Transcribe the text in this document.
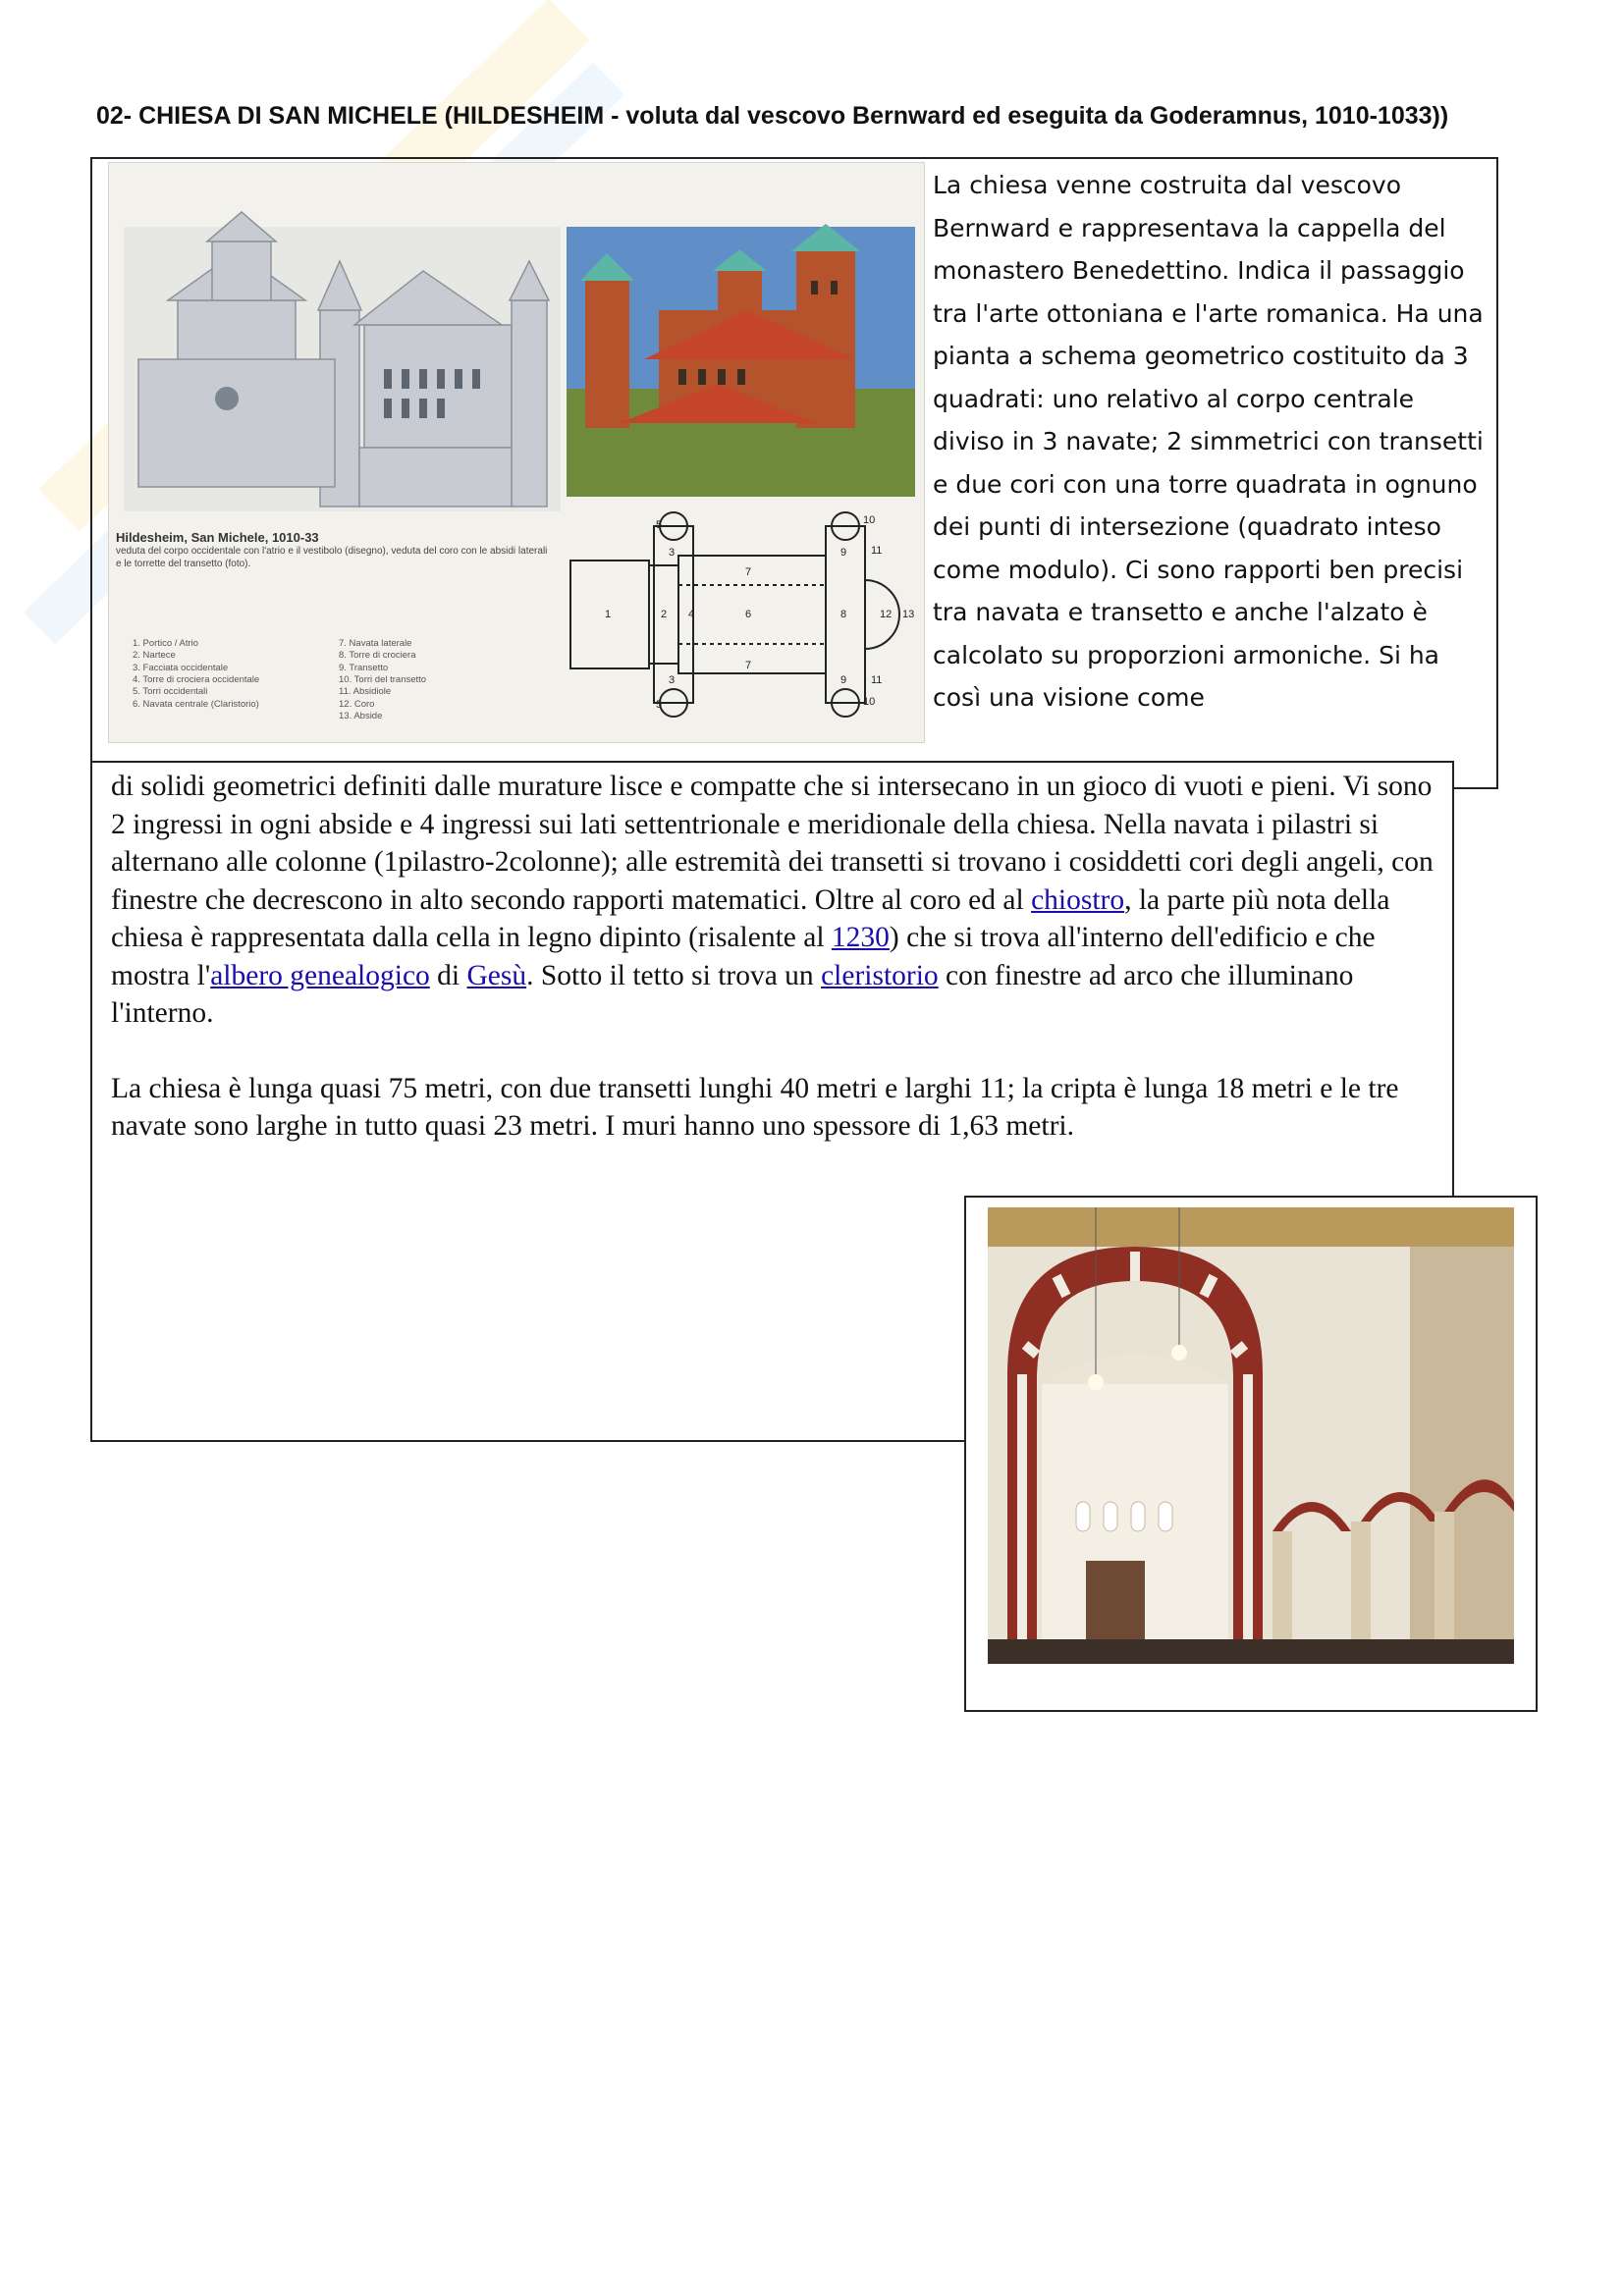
02- CHIESA DI SAN MICHELE (HILDESHEIM - voluta dal vescovo Bernward ed eseguita da Goderamnus, 1010-1033))
1	2
3
3
4
5
5
6
7
7
8
9
9
10
10
11
11
12 13
Hildesheim, San Michele, 1010-33
veduta del corpo occidentale con l'atrio e il vestibolo (disegno), veduta del coro con le absidi laterali e le torrette del transetto (foto).
1. Portico / Atrio	7. Navata laterale
2. Nartece	8. Torre di crociera
3. Facciata occidentale	9. Transetto
4. Torre di crociera occidentale	10. Torri del transetto
5. Torri occidentali	11. Absidiole
6. Navata centrale (Claristorio)	12. Coro
13. Abside
La chiesa venne costruita dal vescovo Bernward e rappresentava la cappella del monastero Benedettino. Indica il passaggio tra l'arte ottoniana e l'arte romanica. Ha una pianta a schema geometrico costituito da 3 quadrati: uno relativo al corpo centrale diviso in 3 navate; 2 simmetrici con transetti e due cori con una torre quadrata in ognuno dei punti di intersezione (quadrato inteso come modulo). Ci sono rapporti ben precisi tra navata e transetto e anche l'alzato è calcolato su proporzioni armoniche. Si ha così una visione come

di solidi geometrici definiti dalle murature lisce e compatte che si intersecano in un gioco di vuoti e pieni. Vi sono 2 ingressi in ogni abside e 4 ingressi sui lati settentrionale e meridionale della chiesa. Nella navata i pilastri si alternano alle colonne (1pilastro-2colonne); alle estremità dei transetti si trovano i cosiddetti cori degli angeli, con finestre che decrescono in alto secondo rapporti matematici. Oltre al coro ed al chiostro, la parte più nota della chiesa è rappresentata dalla cella in legno dipinto (risalente al 1230) che si trova all'interno dell'edificio e che mostra l'albero genealogico di Gesù. Sotto il tetto si trova un cleristorio con finestre ad arco che illuminano l'interno.

La chiesa è lunga quasi 75 metri, con due transetti lunghi 40 metri e larghi 11; la cripta è lunga 18 metri e le tre navate sono larghe in tutto quasi 23 metri. I muri hanno uno spessore di 1,63 metri.
